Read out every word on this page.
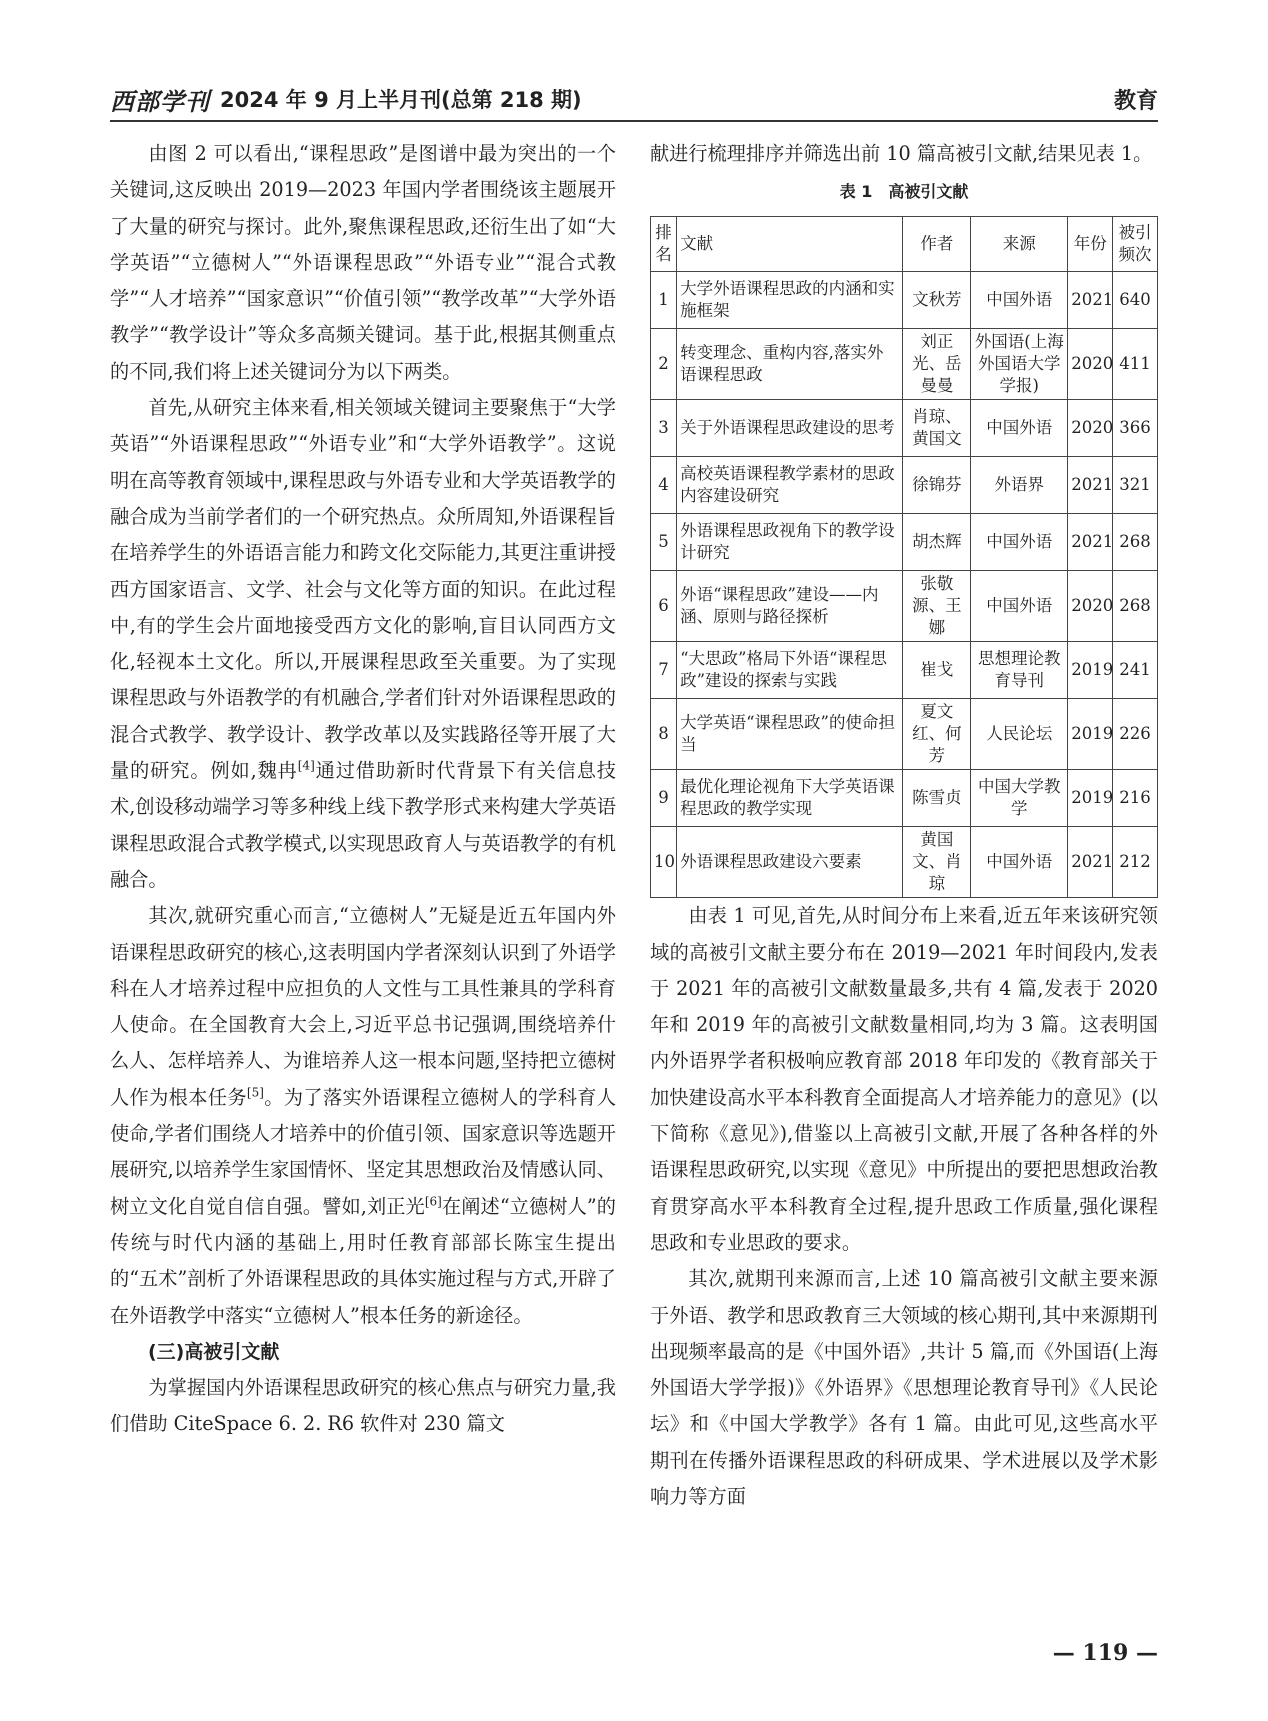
西部学刊 2024 年 9 月上半月刊(总第 218 期)	教育

由图 2 可以看出,“课程思政”是图谱中最为突出的一个关键词,这反映出 2019—2023 年国内学者围绕该主题展开了大量的研究与探讨。此外,聚焦课程思政,还衍生出了如“大学英语”“立德树人”“外语课程思政”“外语专业”“混合式教学”“人才培养”“国家意识”“价值引领”“教学改革”“大学外语教学”“教学设计”等众多高频关键词。基于此,根据其侧重点的不同,我们将上述关键词分为以下两类。

首先,从研究主体来看,相关领域关键词主要聚焦于“大学英语”“外语课程思政”“外语专业”和“大学外语教学”。这说明在高等教育领域中,课程思政与外语专业和大学英语教学的融合成为当前学者们的一个研究热点。众所周知,外语课程旨在培养学生的外语语言能力和跨文化交际能力,其更注重讲授西方国家语言、文学、社会与文化等方面的知识。在此过程中,有的学生会片面地接受西方文化的影响,盲目认同西方文化,轻视本土文化。所以,开展课程思政至关重要。为了实现课程思政与外语教学的有机融合,学者们针对外语课程思政的混合式教学、教学设计、教学改革以及实践路径等开展了大量的研究。例如,魏冉[4]通过借助新时代背景下有关信息技术,创设移动端学习等多种线上线下教学形式来构建大学英语课程思政混合式教学模式,以实现思政育人与英语教学的有机融合。

其次,就研究重心而言,“立德树人”无疑是近五年国内外语课程思政研究的核心,这表明国内学者深刻认识到了外语学科在人才培养过程中应担负的人文性与工具性兼具的学科育人使命。在全国教育大会上,习近平总书记强调,围绕培养什么人、怎样培养人、为谁培养人这一根本问题,坚持把立德树人作为根本任务[5]。为了落实外语课程立德树人的学科育人使命,学者们围绕人才培养中的价值引领、国家意识等选题开展研究,以培养学生家国情怀、坚定其思想政治及情感认同、树立文化自觉自信自强。譬如,刘正光[6]在阐述“立德树人”的传统与时代内涵的基础上,用时任教育部部长陈宝生提出的“五术”剖析了外语课程思政的具体实施过程与方式,开辟了在外语教学中落实“立德树人”根本任务的新途径。

(三)高被引文献

为掌握国内外语课程思政研究的核心焦点与研究力量,我们借助 CiteSpace 6. 2. R6 软件对 230 篇文

献进行梳理排序并筛选出前 10 篇高被引文献,结果见表 1。

表 1　高被引文献
排名	文献	作者	来源	年份	被引频次
1	大学外语课程思政的内涵和实施框架	文秋芳	中国外语	2021	640
2	转变理念、重构内容,落实外语课程思政	刘正光、岳曼曼	外国语(上海外国语大学学报)	2020	411
3	关于外语课程思政建设的思考	肖琼、黄国文	中国外语	2020	366
4	高校英语课程教学素材的思政内容建设研究	徐锦芬	外语界	2021	321
5	外语课程思政视角下的教学设计研究	胡杰辉	中国外语	2021	268
6	外语“课程思政”建设——内涵、原则与路径探析	张敬源、王娜	中国外语	2020	268
7	“大思政”格局下外语“课程思政”建设的探索与实践	崔戈	思想理论教育导刊	2019	241
8	大学英语“课程思政”的使命担当	夏文红、何芳	人民论坛	2019	226
9	最优化理论视角下大学英语课程思政的教学实现	陈雪贞	中国大学教学	2019	216
10	外语课程思政建设六要素	黄国文、肖琼	中国外语	2021	212

由表 1 可见,首先,从时间分布上来看,近五年来该研究领域的高被引文献主要分布在 2019—2021 年时间段内,发表于 2021 年的高被引文献数量最多,共有 4 篇,发表于 2020 年和 2019 年的高被引文献数量相同,均为 3 篇。这表明国内外语界学者积极响应教育部 2018 年印发的《教育部关于加快建设高水平本科教育全面提高人才培养能力的意见》(以下简称《意见》),借鉴以上高被引文献,开展了各种各样的外语课程思政研究,以实现《意见》中所提出的要把思想政治教育贯穿高水平本科教育全过程,提升思政工作质量,强化课程思政和专业思政的要求。

其次,就期刊来源而言,上述 10 篇高被引文献主要来源于外语、教学和思政教育三大领域的核心期刊,其中来源期刊出现频率最高的是《中国外语》,共计 5 篇,而《外国语(上海外国语大学学报)》《外语界》《思想理论教育导刊》《人民论坛》和《中国大学教学》各有 1 篇。由此可见,这些高水平期刊在传播外语课程思政的科研成果、学术进展以及学术影响力等方面

— 119 —
